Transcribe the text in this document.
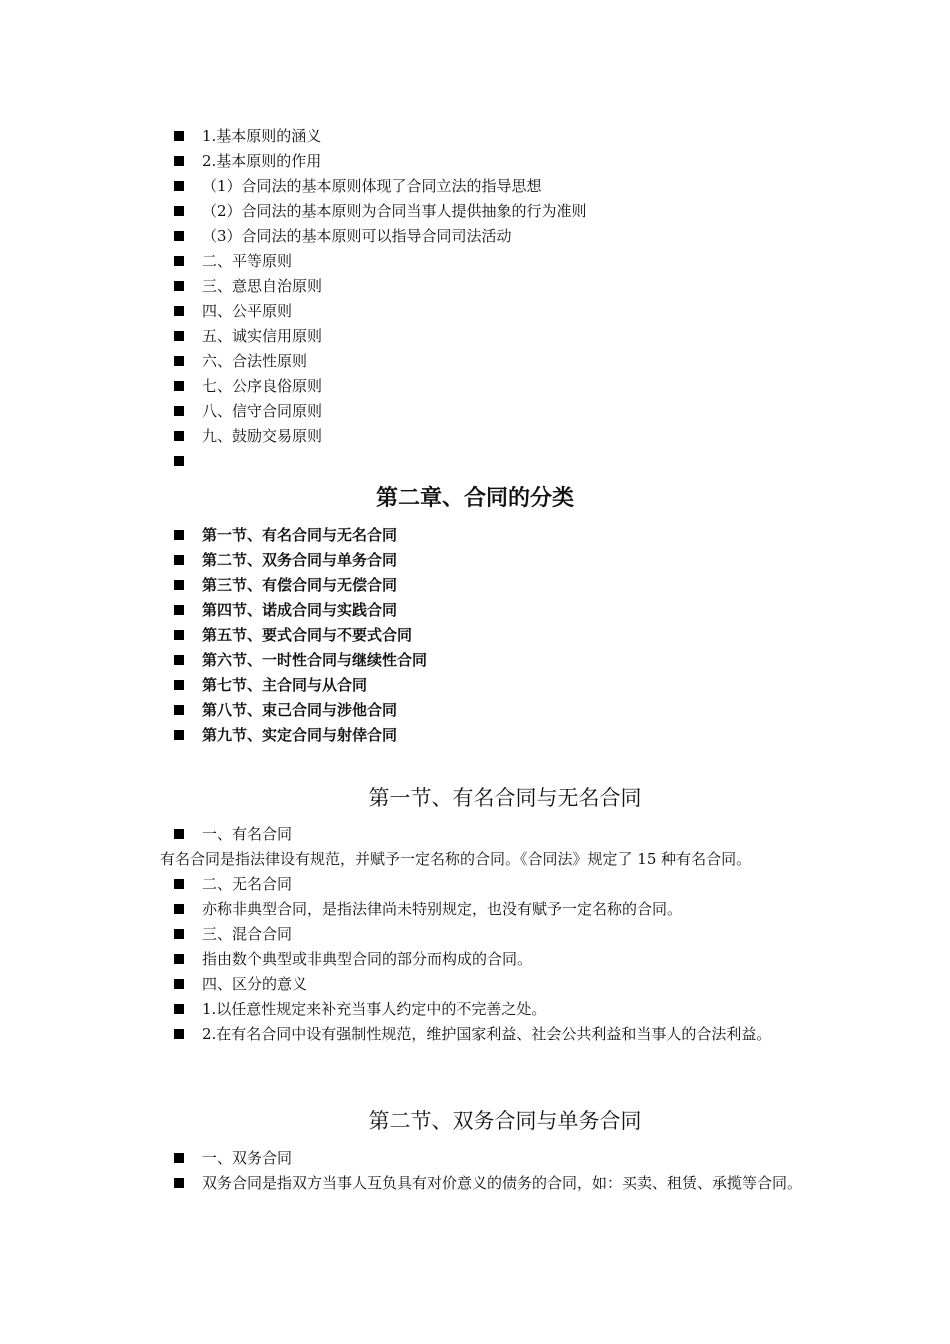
1.基本原则的涵义
2.基本原则的作用
（1）合同法的基本原则体现了合同立法的指导思想
（2）合同法的基本原则为合同当事人提供抽象的行为准则
（3）合同法的基本原则可以指导合同司法活动
二、平等原则
三、意思自治原则
四、公平原则
五、诚实信用原则
六、合法性原则
七、公序良俗原则
八、信守合同原则
九、鼓励交易原则
第二章、合同的分类
第一节、有名合同与无名合同
第二节、双务合同与单务合同
第三节、有偿合同与无偿合同
第四节、诺成合同与实践合同
第五节、要式合同与不要式合同
第六节、一时性合同与继续性合同
第七节、主合同与从合同
第八节、束己合同与涉他合同
第九节、实定合同与射倖合同
第一节、有名合同与无名合同
一、有名合同
有名合同是指法律设有规范，并赋予一定名称的合同。《合同法》规定了 15 种有名合同。
二、无名合同
亦称非典型合同，是指法律尚未特别规定，也没有赋予一定名称的合同。
三、混合合同
指由数个典型或非典型合同的部分而构成的合同。
四、区分的意义
1.以任意性规定来补充当事人约定中的不完善之处。
2.在有名合同中设有强制性规范，维护国家利益、社会公共利益和当事人的合法利益。
第二节、双务合同与单务合同
一、双务合同
双务合同是指双方当事人互负具有对价意义的债务的合同，如：买卖、租赁、承揽等合同。
